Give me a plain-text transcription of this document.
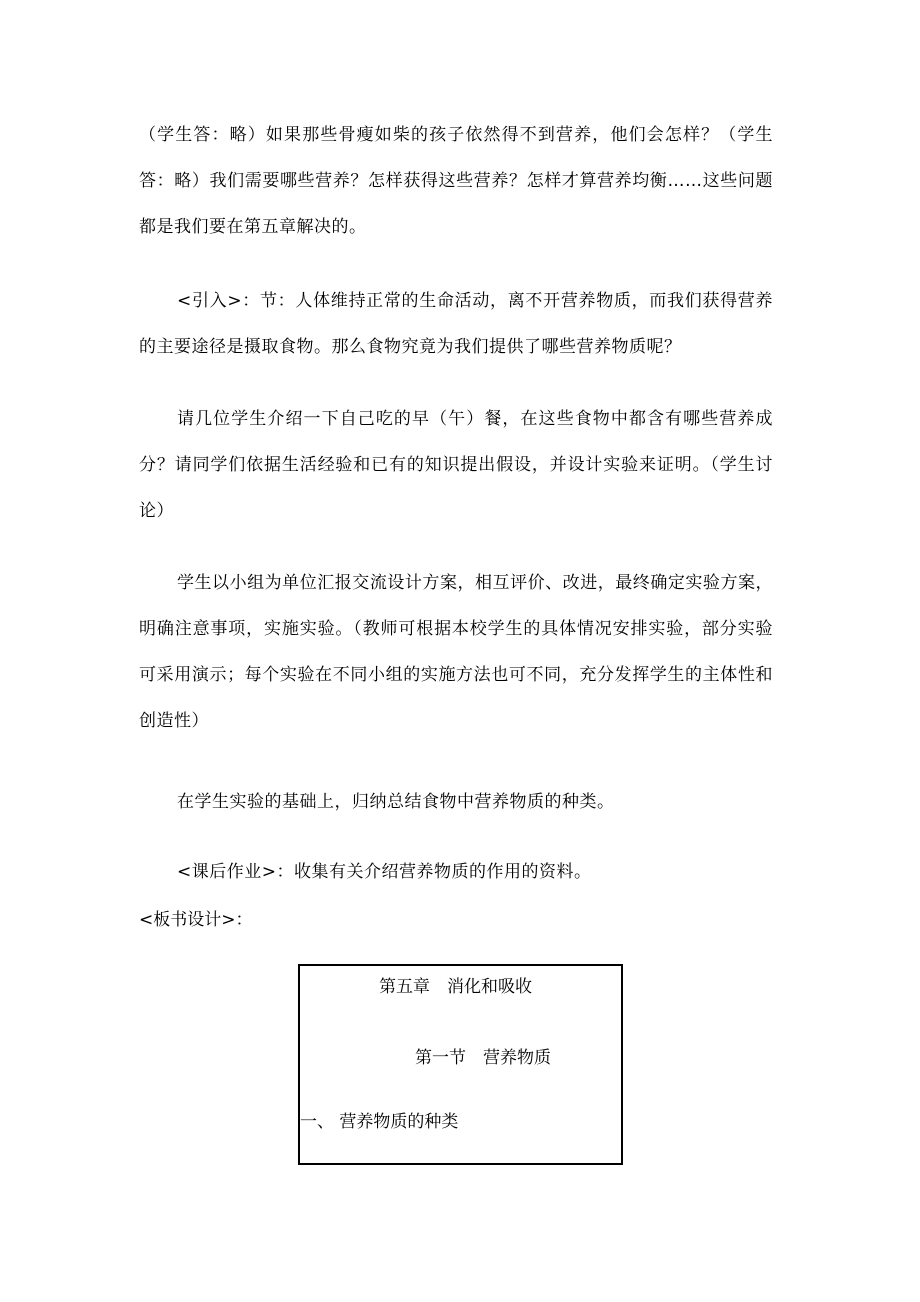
（学生答：略）如果那些骨瘦如柴的孩子依然得不到营养，他们会怎样？（学生答：略）我们需要哪些营养？怎样获得这些营养？怎样才算营养均衡……这些问题都是我们要在第五章解决的。

<引入>：节：人体维持正常的生命活动，离不开营养物质，而我们获得营养的主要途径是摄取食物。那么食物究竟为我们提供了哪些营养物质呢？

请几位学生介绍一下自己吃的早（午）餐，在这些食物中都含有哪些营养成分？请同学们依据生活经验和已有的知识提出假设，并设计实验来证明。（学生讨论）

学生以小组为单位汇报交流设计方案，相互评价、改进，最终确定实验方案，明确注意事项，实施实验。（教师可根据本校学生的具体情况安排实验，部分实验可采用演示；每个实验在不同小组的实施方法也可不同，充分发挥学生的主体性和创造性）

在学生实验的基础上，归纳总结食物中营养物质的种类。

<课后作业>：收集有关介绍营养物质的作用的资料。

<板书设计>：

第五章　消化和吸收
第一节　营养物质
一、 营养物质的种类
